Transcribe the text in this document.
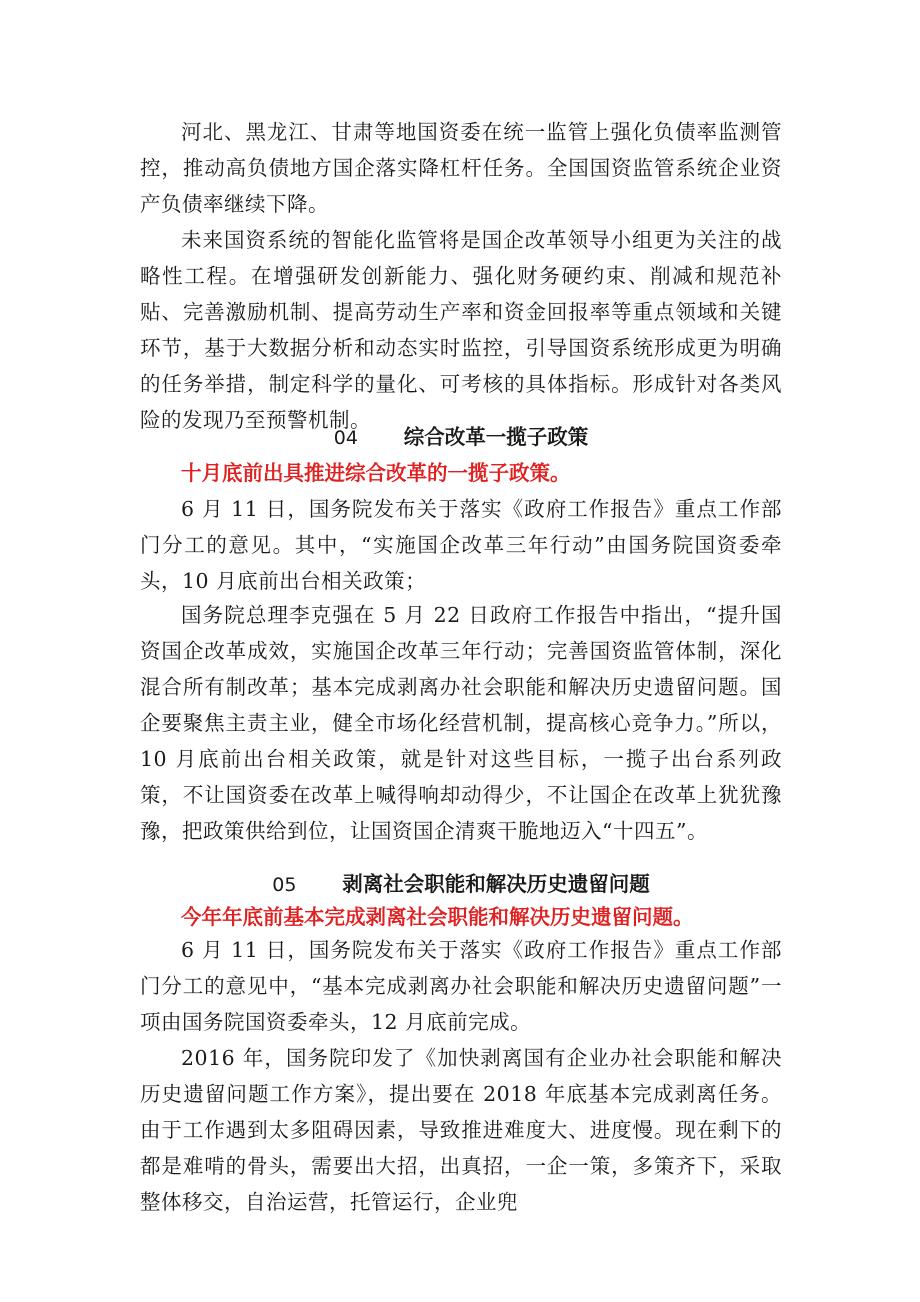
河北、黑龙江、甘肃等地国资委在统一监管上强化负债率监测管控，推动高负债地方国企落实降杠杆任务。全国国资监管系统企业资产负债率继续下降。

未来国资系统的智能化监管将是国企改革领导小组更为关注的战略性工程。在增强研发创新能力、强化财务硬约束、削减和规范补贴、完善激励机制、提高劳动生产率和资金回报率等重点领域和关键环节，基于大数据分析和动态实时监控，引导国资系统形成更为明确的任务举措，制定科学的量化、可考核的具体指标。形成针对各类风险的发现乃至预警机制。

04 综合改革一揽子政策

十月底前出具推进综合改革的一揽子政策。

6 月 11 日，国务院发布关于落实《政府工作报告》重点工作部门分工的意见。其中，“实施国企改革三年行动”由国务院国资委牵头，10 月底前出台相关政策；

国务院总理李克强在 5 月 22 日政府工作报告中指出，“提升国资国企改革成效，实施国企改革三年行动；完善国资监管体制，深化混合所有制改革；基本完成剥离办社会职能和解决历史遗留问题。国企要聚焦主责主业，健全市场化经营机制，提高核心竞争力。”所以，10 月底前出台相关政策，就是针对这些目标，一揽子出台系列政策，不让国资委在改革上喊得响却动得少，不让国企在改革上犹犹豫豫，把政策供给到位，让国资国企清爽干脆地迈入“十四五”。

05 剥离社会职能和解决历史遗留问题

今年年底前基本完成剥离社会职能和解决历史遗留问题。

6 月 11 日，国务院发布关于落实《政府工作报告》重点工作部门分工的意见中，“基本完成剥离办社会职能和解决历史遗留问题”一项由国务院国资委牵头，12 月底前完成。

2016 年，国务院印发了《加快剥离国有企业办社会职能和解决历史遗留问题工作方案》，提出要在 2018 年底基本完成剥离任务。由于工作遇到太多阻碍因素，导致推进难度大、进度慢。现在剩下的都是难啃的骨头，需要出大招，出真招，一企一策，多策齐下，采取整体移交，自治运营，托管运行，企业兜
